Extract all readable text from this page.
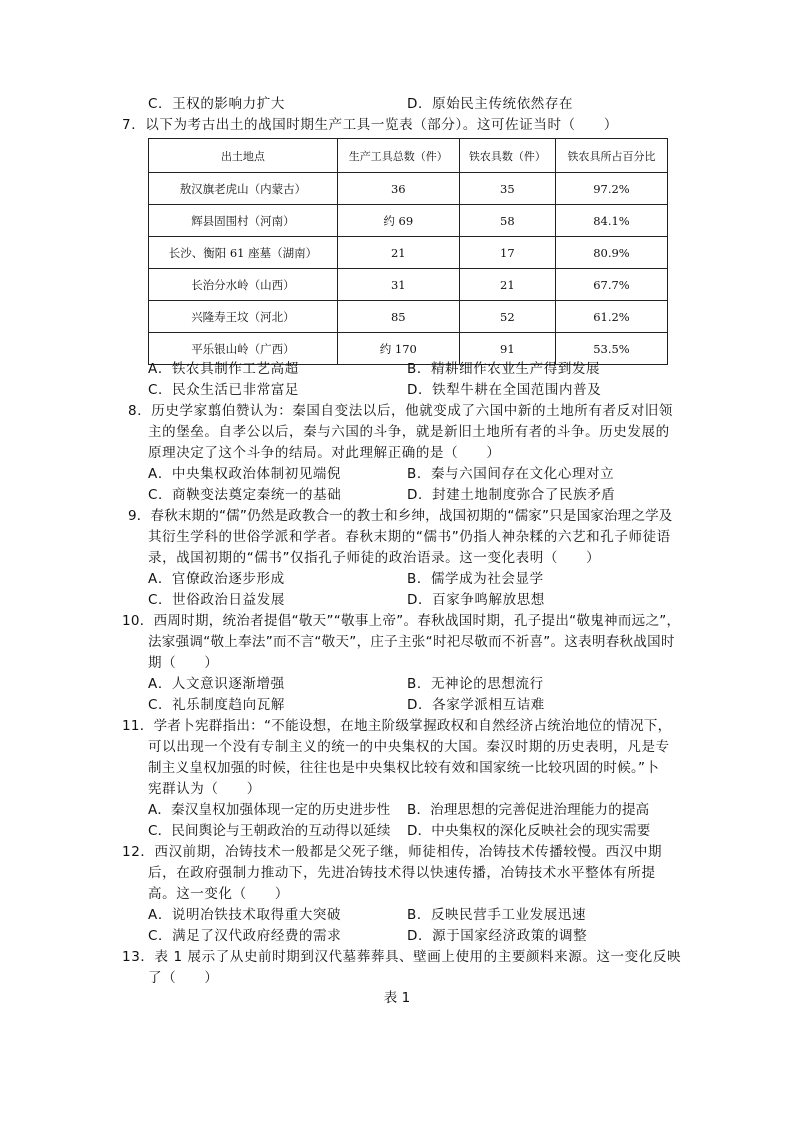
C．王权的影响力扩大	D．原始民主传统依然存在
7．以下为考古出土的战国时期生产工具一览表（部分）。这可佐证当时（　　）
出土地点	生产工具总数（件）	铁农具数（件）	铁农具所占百分比
敖汉旗老虎山（内蒙古）	36	35	97.2%
辉县固围村（河南）	约 69	58	84.1%
长沙、衡阳 61 座墓（湖南）	21	17	80.9%
长治分水岭（山西）	31	21	67.7%
兴隆寿王坟（河北）	85	52	61.2%
平乐银山岭（广西）	约 170	91	53.5%
A．铁农具制作工艺高超	B．精耕细作农业生产得到发展
C．民众生活已非常富足	D．铁犁牛耕在全国范围内普及
8．历史学家翦伯赞认为：秦国自变法以后，他就变成了六国中新的土地所有者反对旧领
主的堡垒。自孝公以后，秦与六国的斗争，就是新旧土地所有者的斗争。历史发展的
原理决定了这个斗争的结局。对此理解正确的是（　　）
A．中央集权政治体制初见端倪	B．秦与六国间存在文化心理对立
C．商鞅变法奠定秦统一的基础	D．封建土地制度弥合了民族矛盾
9．春秋末期的“儒”仍然是政教合一的教士和乡绅，战国初期的“儒家”只是国家治理之学及
其衍生学科的世俗学派和学者。春秋末期的“儒书”仍指人神杂糅的六艺和孔子师徒语
录，战国初期的“儒书”仅指孔子师徒的政治语录。这一变化表明（　　）
A．官僚政治逐步形成	B．儒学成为社会显学
C．世俗政治日益发展	D．百家争鸣解放思想
10．西周时期，统治者提倡“敬天”“敬事上帝”。春秋战国时期，孔子提出“敬鬼神而远之”，
法家强调“敬上奉法”而不言“敬天”，庄子主张“时祀尽敬而不祈喜”。这表明春秋战国时
期（　　）
A．人文意识逐渐增强	B．无神论的思想流行
C．礼乐制度趋向瓦解	D．各家学派相互诘难
11．学者卜宪群指出：“不能设想，在地主阶级掌握政权和自然经济占统治地位的情况下，
可以出现一个没有专制主义的统一的中央集权的大国。秦汉时期的历史表明，凡是专
制主义皇权加强的时候，往往也是中央集权比较有效和国家统一比较巩固的时候。”卜
宪群认为（　　）
A．秦汉皇权加强体现一定的历史进步性 B．治理思想的完善促进治理能力的提高
C．民间舆论与王朝政治的互动得以延续 D．中央集权的深化反映社会的现实需要
12．西汉前期，冶铸技术一般都是父死子继，师徒相传，冶铸技术传播较慢。西汉中期
后，在政府强制力推动下，先进冶铸技术得以快速传播，冶铸技术水平整体有所提
高。这一变化（　　）
A．说明冶铁技术取得重大突破	B．反映民营手工业发展迅速
C．满足了汉代政府经费的需求	D．源于国家经济政策的调整
13．表 1 展示了从史前时期到汉代墓葬葬具、壁画上使用的主要颜料来源。这一变化反映
了（　　）
表 1
